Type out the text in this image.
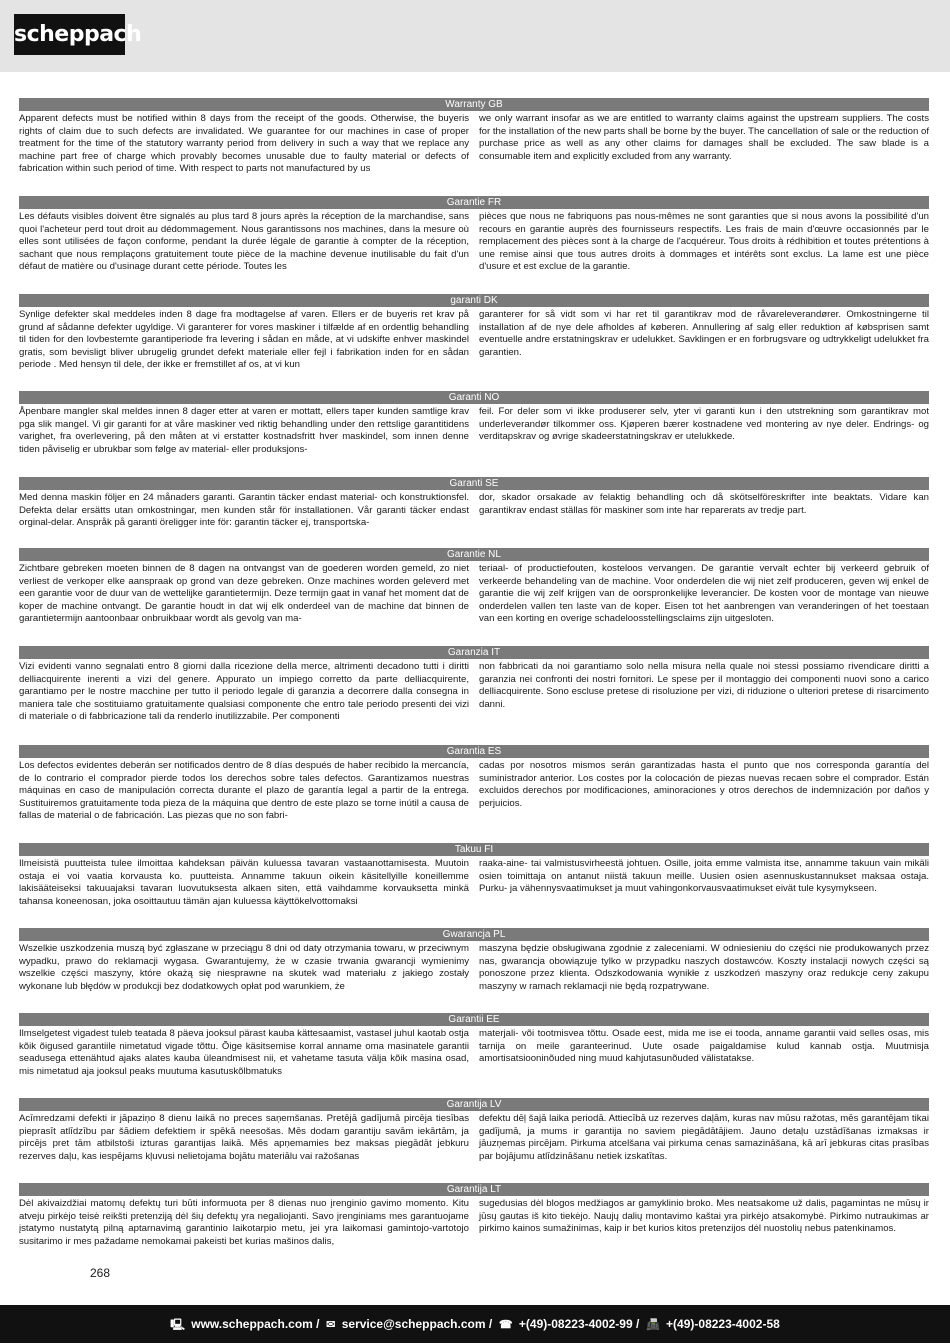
scheppach
Warranty GB
Apparent defects must be notified within 8 days from the receipt of the goods. Otherwise, the buyeris rights of claim due to such defects are invalidated. We guarantee for our machines in case of proper treatment for the time of the statutory warranty period from delivery in such a way that we replace any machine part free of charge which provably becomes unusable due to faulty material or defects of fabrication within such period of time. With respect to parts not manufactured by us
we only warrant insofar as we are entitled to warranty claims against the upstream suppliers. The costs for the installation of the new parts shall be borne by the buyer. The cancellation of sale or the reduction of purchase price as well as any other claims for damages shall be excluded. The saw blade is a consumable item and explicitly excluded from any warranty.
Garantie FR
Les défauts visibles doivent être signalés au plus tard 8 jours après la réception de la marchandise, sans quoi l'acheteur perd tout droit au dédommagement. Nous garantissons nos machines, dans la mesure où elles sont utilisées de façon conforme, pendant la durée légale de garantie à compter de la réception, sachant que nous remplaçons gratuitement toute pièce de la machine devenue inutilisable du fait d'un défaut de matière ou d'usinage durant cette période. Toutes les
pièces que nous ne fabriquons pas nous-mêmes ne sont garanties que si nous avons la possibilité d'un recours en garantie auprès des fournisseurs respectifs. Les frais de main d'œuvre occasionnés par le remplacement des pièces sont à la charge de l'acquéreur. Tous droits à rédhibition et toutes prétentions à une remise ainsi que tous autres droits à dommages et intérêts sont exclus. La lame est une pièce d'usure et est exclue de la garantie.
garanti DK
Synlige defekter skal meddeles inden 8 dage fra modtagelse af varen. Ellers er de buyeris ret krav på grund af sådanne defekter ugyldige. Vi garanterer for vores maskiner i tilfælde af en ordentlig behandling til tiden for den lovbestemte garantiperiode fra levering i sådan en måde, at vi udskifte enhver maskindel gratis, som bevisligt bliver ubrugelig grundet defekt materiale eller fejl i fabrikation inden for en sådan periode . Med hensyn til dele, der ikke er fremstillet af os, at vi kun
garanterer for så vidt som vi har ret til garantikrav mod de råvareleverandører. Omkostningerne til installation af de nye dele afholdes af køberen. Annullering af salg eller reduktion af købsprisen samt eventuelle andre erstatningskrav er udelukket. Savklingen er en forbrugsvare og udtrykkeligt udelukket fra garantien.
Garanti NO
Åpenbare mangler skal meldes innen 8 dager etter at varen er mottatt, ellers taper kunden samtlige krav pga slik mangel. Vi gir garanti for at våre maskiner ved riktig behandling under den rettslige garantitidens varighet, fra overlevering, på den måten at vi erstatter kostnadsfritt hver maskindel, som innen denne tiden påviselig er ubrukbar som følge av material- eller produksjons-
feil. For deler som vi ikke produserer selv, yter vi garanti kun i den utstrekning som garantikrav mot underleverandør tilkommer oss. Kjøperen bærer kostnadene ved montering av nye deler. Endrings- og verditapskrav og øvrige skadeerstatningskrav er utelukkede.
Garanti SE
Med denna maskin följer en 24 månaders garanti. Garantin täcker endast material- och konstruktionsfel. Defekta delar ersätts utan omkostningar, men kunden står för installationen. Vår garanti täcker endast orginal-delar. Anspråk på garanti öreligger inte för: garantin täcker ej, transportska-
dor, skador orsakade av felaktig behandling och då skötselföreskrifter inte beaktats. Vidare kan garantikrav endast ställas för maskiner som inte har reparerats av tredje part.
Garantie NL
Zichtbare gebreken moeten binnen de 8 dagen na ontvangst van de goederen worden gemeld, zo niet verliest de verkoper elke aanspraak op grond van deze gebreken. Onze machines worden geleverd met een garantie voor de duur van de wettelijke garantietermijn. Deze termijn gaat in vanaf het moment dat de koper de machine ontvangt. De garantie houdt in dat wij elk onderdeel van de machine dat binnen de garantietermijn aantoonbaar onbruikbaar wordt als gevolg van ma-
teriaal- of productiefouten, kosteloos vervangen. De garantie vervalt echter bij verkeerd gebruik of verkeerde behandeling van de machine. Voor onderdelen die wij niet zelf produceren, geven wij enkel de garantie die wij zelf krijgen van de oorspronkelijke leverancier. De kosten voor de montage van nieuwe onderdelen vallen ten laste van de koper. Eisen tot het aanbrengen van veranderingen of het toestaan van een korting en overige schadeloosstellingsclaims zijn uitgesloten.
Garanzia IT
Vizi evidenti vanno segnalati entro 8 giorni dalla ricezione della merce, altrimenti decadono tutti i diritti delliacquirente inerenti a vizi del genere. Appurato un impiego corretto da parte delliacquirente, garantiamo per le nostre macchine per tutto il periodo legale di garanzia a decorrere dalla consegna in maniera tale che sostituiamo gratuitamente qualsiasi componente che entro tale periodo presenti dei vizi di materiale o di fabbricazione tali da renderlo inutilizzabile. Per componenti
non fabbricati da noi garantiamo solo nella misura nella quale noi stessi possiamo rivendicare diritti a garanzia nei confronti dei nostri fornitori. Le spese per il montaggio dei componenti nuovi sono a carico delliacquirente. Sono escluse pretese di risoluzione per vizi, di riduzione o ulteriori pretese di risarcimento danni.
Garantia ES
Los defectos evidentes deberán ser notificados dentro de 8 días después de haber recibido la mercancía, de lo contrario el comprador pierde todos los derechos sobre tales defectos. Garantizamos nuestras máquinas en caso de manipulación correcta durante el plazo de garantía legal a partir de la entrega. Sustituiremos gratuitamente toda pieza de la máquina que dentro de este plazo se torne inútil a causa de fallas de material o de fabricación. Las piezas que no son fabri-
cadas por nosotros mismos serán garantizadas hasta el punto que nos corresponda garantía del suministrador anterior. Los costes por la colocación de piezas nuevas recaen sobre el comprador. Están excluidos derechos por modificaciones, aminoraciones y otros derechos de indemnización por daños y perjuicios.
Takuu FI
Ilmeisistä puutteista tulee ilmoittaa kahdeksan päivän kuluessa tavaran vastaanottamisesta. Muutoin ostaja ei voi vaatia korvausta ko. puutteista. Annamme takuun oikein käsitellyille koneillemme lakisääteiseksi takuuajaksi tavaran luovutuksesta alkaen siten, että vaihdamme korvauksetta minkä tahansa koneenosan, joka osoittautuu tämän ajan kuluessa käyttökelvottomaksi
raaka-aine- tai valmistusvirheestä johtuen. Osille, joita emme valmista itse, annamme takuun vain mikäli osien toimittaja on antanut niistä takuun meille. Uusien osien asennuskustannukset maksaa ostaja. Purku- ja vähennysvaatimukset ja muut vahingonkorvausvaatimukset eivät tule kysymykseen.
Gwarancja PL
Wszelkie uszkodzenia muszą być zgłaszane w przeciągu 8 dni od daty otrzymania towaru, w przeciwnym wypadku, prawo do reklamacji wygasa. Gwarantujemy, że w czasie trwania gwarancji wymienimy wszelkie części maszyny, które okażą się niesprawne na skutek wad materiału z jakiego zostały wykonane lub błędów w produkcji bez dodatkowych opłat pod warunkiem, że
maszyna będzie obsługiwana zgodnie z zaleceniami. W odniesieniu do części nie produkowanych przez nas, gwarancja obowiązuje tylko w przypadku naszych dostawców. Koszty instalacji nowych części są ponoszone przez klienta. Odszkodowania wynikłe z uszkodzeń maszyny oraz redukcje ceny zakupu maszyny w ramach reklamacji nie będą rozpatrywane.
Garantii EE
Ilmselgetest vigadest tuleb teatada 8 päeva jooksul pärast kauba kättesaamist, vastasel juhul kaotab ostja kõik õigused garantiile nimetatud vigade tõttu. Õige käsitsemise korral anname oma masinatele garantii seadusega ettenähtud ajaks alates kauba üleandmisest nii, et vahetame tasuta välja kõik masina osad, mis nimetatud aja jooksul peaks muutuma kasutuskõlbmatuks
materjali- või tootmisvea tõttu. Osade eest, mida me ise ei tooda, anname garantii vaid selles osas, mis tarnija on meile garanteerinud. Uute osade paigaldamise kulud kannab ostja. Muutmisja amortisatsiooninõuded ning muud kahjutasunõuded välistatakse.
Garantija LV
Acīmredzami defekti ir jāpaziņo 8 dienu laikā no preces saņemšanas. Pretējā gadījumā pircēja tiesības pieprasīt atlīdzību par šādiem defektiem ir spēkā neesošas. Mēs dodam garantiju savām iekārtām, ja pircējs pret tām atbilstoši izturas garantijas laikā. Mēs apņemamies bez maksas piegādāt jebkuru rezerves daļu, kas iespējams kļuvusi nelietojama bojātu materiālu vai ražošanas
defektu dēļ šajā laika periodā. Attiecībā uz rezerves daļām, kuras nav mūsu ražotas, mēs garantējam tikai gadījumā, ja mums ir garantija no saviem piegādātājiem. Jauno detaļu uzstādīšanas izmaksas ir jāuzņemas pircējam. Pirkuma atcelšana vai pirkuma cenas samazināšana, kā arī jebkuras citas prasības par bojājumu atlīdzināšanu netiek izskatītas.
Garantija LT
Dėl akivaizdžiai matomų defektų turi būti informuota per 8 dienas nuo įrenginio gavimo momento. Kitu atveju pirkėjo teisė reikšti pretenziją dėl šių defektų yra negaliojanti. Savo įrenginiams mes garantuojame įstatymo nustatytą pilną aptarnavimą garantinio laikotarpio metu, jei yra laikomasi gamintojo-vartotojo susitarimo ir mes pažadame nemokamai pakeisti bet kurias mašinos dalis,
sugedusias dėl blogos medžiagos ar gamyklinio broko. Mes neatsakome už dalis, pagamintas ne mūsų ir jūsų gautas iš kito tiekėjo. Naujų dalių montavimo kaštai yra pirkėjo atsakomybė. Pirkimo nutraukimas ar pirkimo kainos sumažinimas, kaip ir bet kurios kitos pretenzijos dėl nuostolių nebus patenkinamos.
268
🖳 www.scheppach.com / ✉ service@scheppach.com / ☎ +(49)-08223-4002-99 / 📠 +(49)-08223-4002-58
